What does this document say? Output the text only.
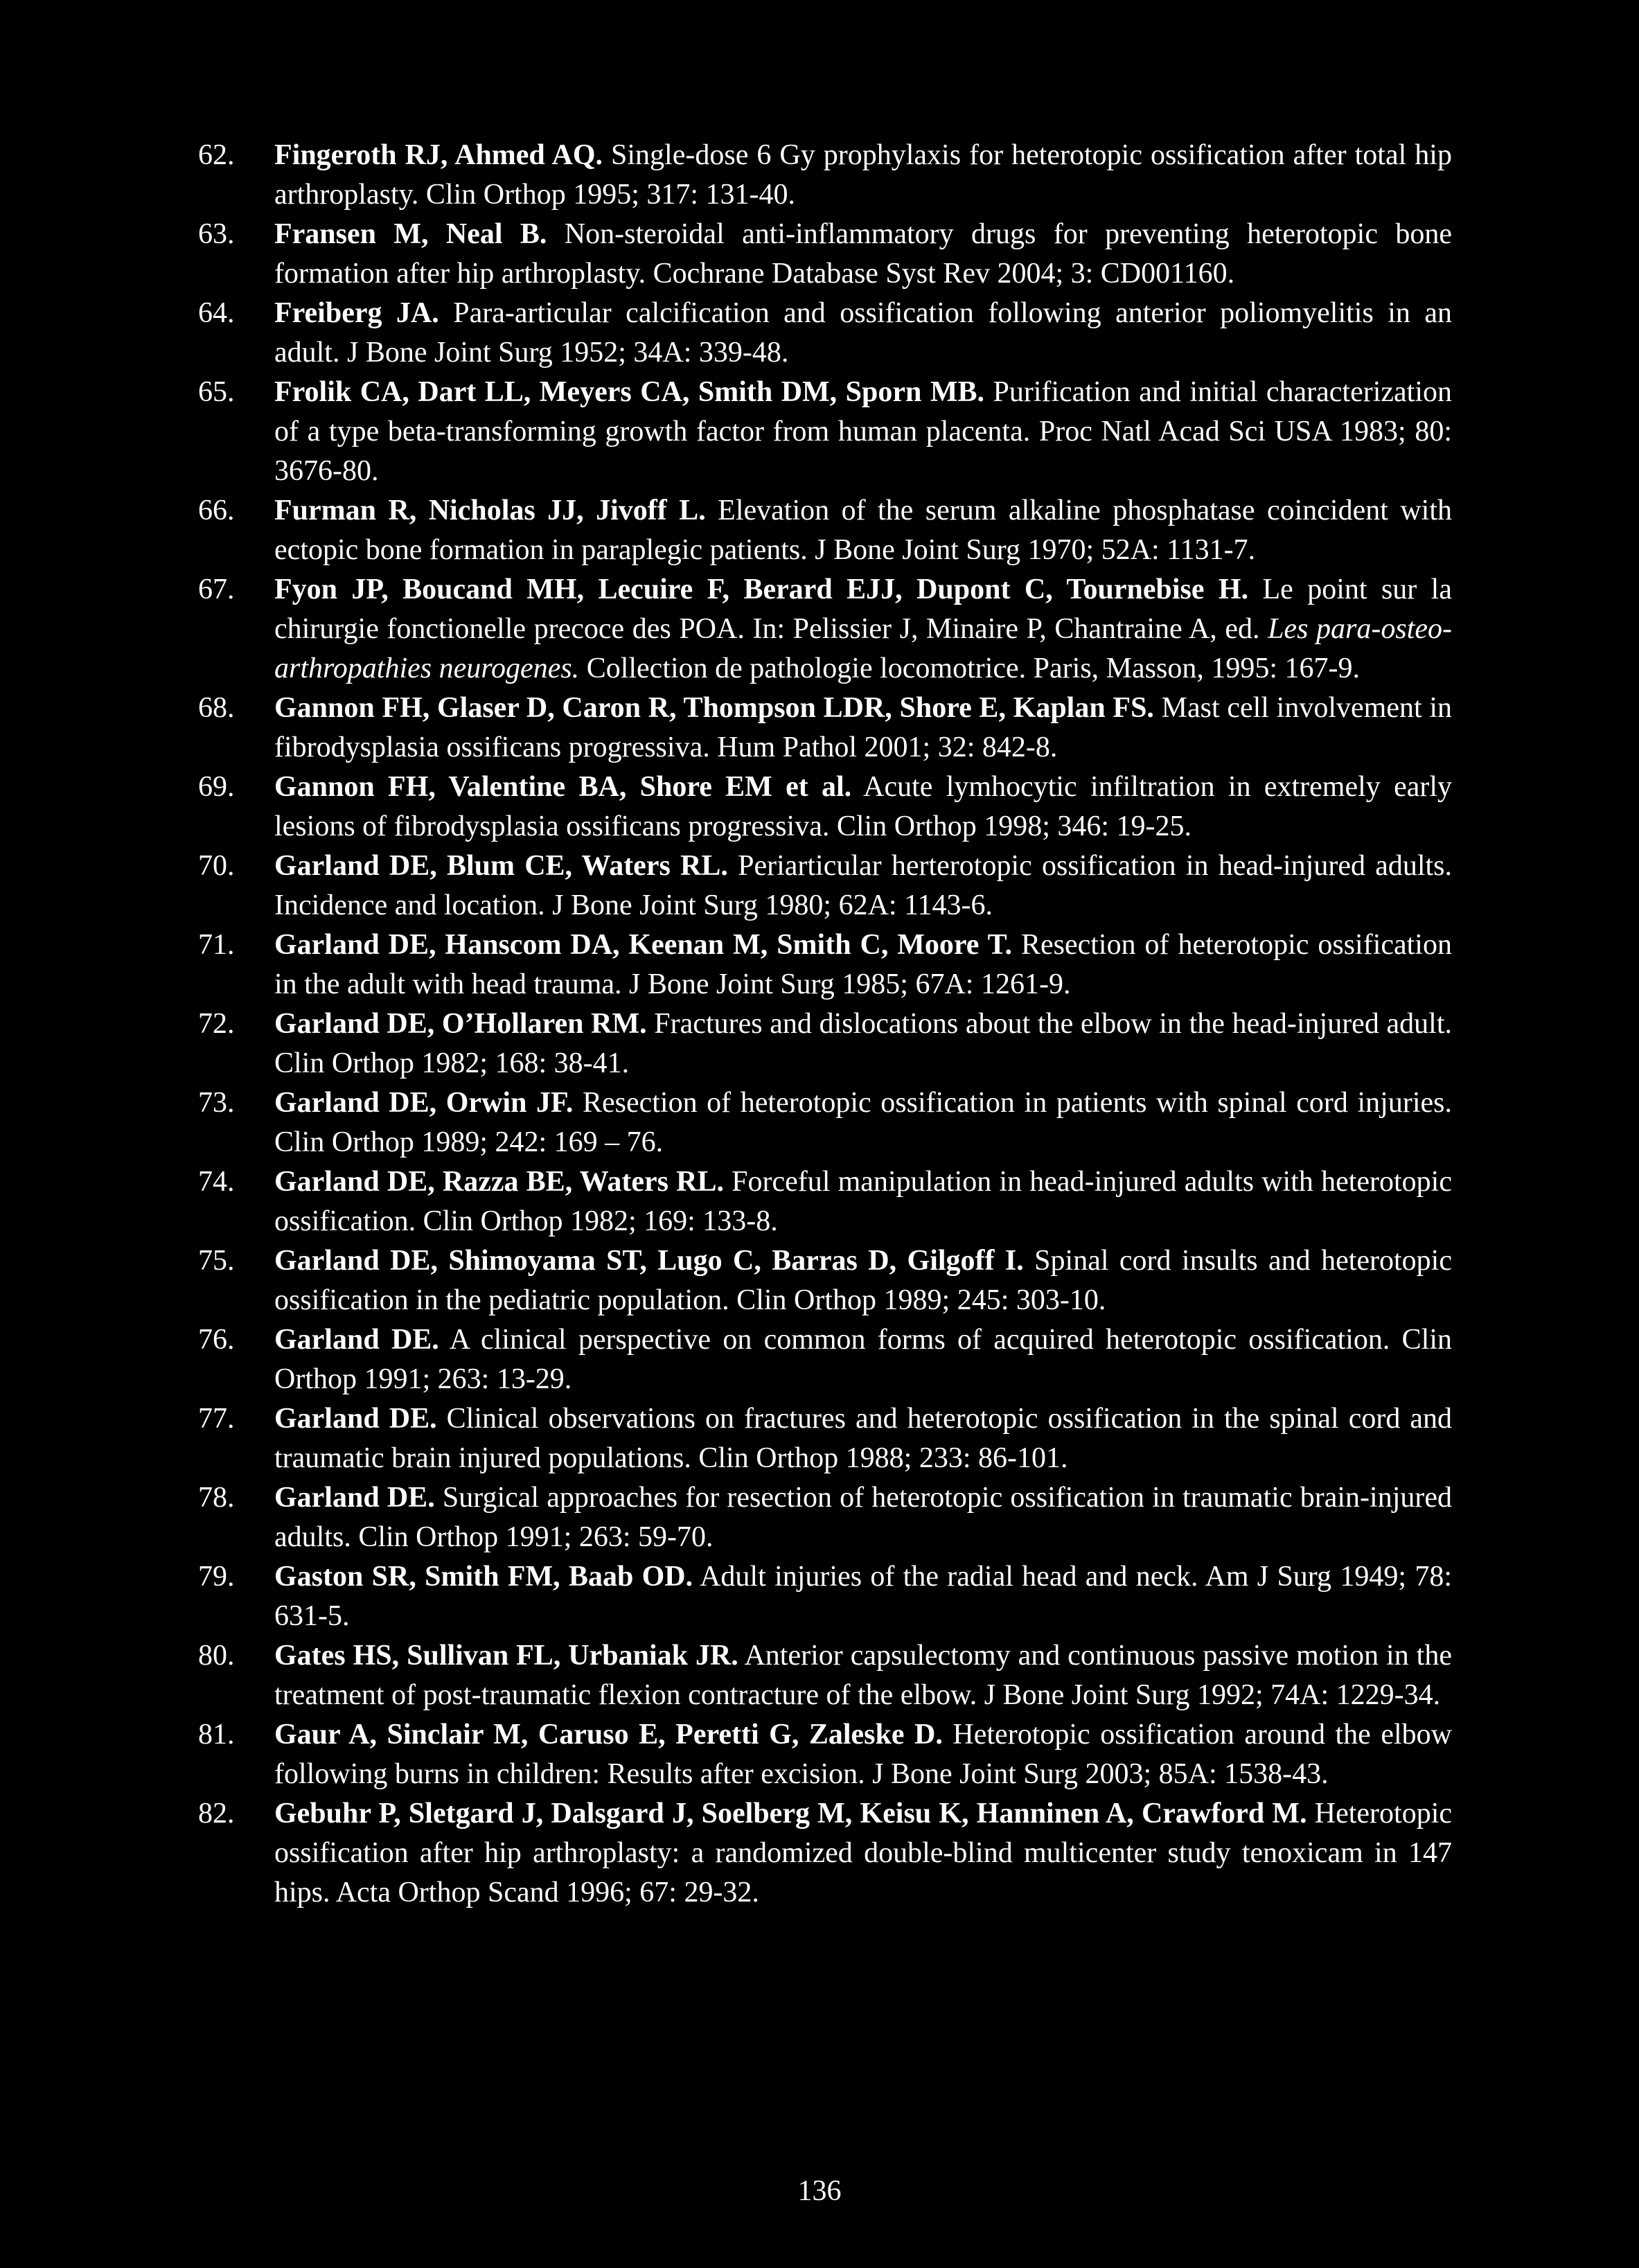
62. Fingeroth RJ, Ahmed AQ. Single-dose 6 Gy prophylaxis for heterotopic ossification after total hip arthroplasty. Clin Orthop 1995; 317: 131-40.
63. Fransen M, Neal B. Non-steroidal anti-inflammatory drugs for preventing heterotopic bone formation after hip arthroplasty. Cochrane Database Syst Rev 2004; 3: CD001160.
64. Freiberg JA. Para-articular calcification and ossification following anterior poliomyelitis in an adult. J Bone Joint Surg 1952; 34A: 339-48.
65. Frolik CA, Dart LL, Meyers CA, Smith DM, Sporn MB. Purification and initial characterization of a type beta-transforming growth factor from human placenta. Proc Natl Acad Sci USA 1983; 80: 3676-80.
66. Furman R, Nicholas JJ, Jivoff L. Elevation of the serum alkaline phosphatase coincident with ectopic bone formation in paraplegic patients. J Bone Joint Surg 1970; 52A: 1131-7.
67. Fyon JP, Boucand MH, Lecuire F, Berard EJJ, Dupont C, Tournebise H. Le point sur la chirurgie fonctionelle precoce des POA. In: Pelissier J, Minaire P, Chantraine A, ed. Les para-osteo-arthropathies neurogenes. Collection de pathologie locomotrice. Paris, Masson, 1995: 167-9.
68. Gannon FH, Glaser D, Caron R, Thompson LDR, Shore E, Kaplan FS. Mast cell involvement in fibrodysplasia ossificans progressiva. Hum Pathol 2001; 32: 842-8.
69. Gannon FH, Valentine BA, Shore EM et al. Acute lymhocytic infiltration in extremely early lesions of fibrodysplasia ossificans progressiva. Clin Orthop 1998; 346: 19-25.
70. Garland DE, Blum CE, Waters RL. Periarticular herterotopic ossification in head-injured adults. Incidence and location. J Bone Joint Surg 1980; 62A: 1143-6.
71. Garland DE, Hanscom DA, Keenan M, Smith C, Moore T. Resection of heterotopic ossification in the adult with head trauma. J Bone Joint Surg 1985; 67A: 1261-9.
72. Garland DE, O’Hollaren RM. Fractures and dislocations about the elbow in the head-injured adult. Clin Orthop 1982; 168: 38-41.
73. Garland DE, Orwin JF. Resection of heterotopic ossification in patients with spinal cord injuries. Clin Orthop 1989; 242: 169 – 76.
74. Garland DE, Razza BE, Waters RL. Forceful manipulation in head-injured adults with heterotopic ossification. Clin Orthop 1982; 169: 133-8.
75. Garland DE, Shimoyama ST, Lugo C, Barras D, Gilgoff I. Spinal cord insults and heterotopic ossification in the pediatric population. Clin Orthop 1989; 245: 303-10.
76. Garland DE. A clinical perspective on common forms of acquired heterotopic ossification. Clin Orthop 1991; 263: 13-29.
77. Garland DE. Clinical observations on fractures and heterotopic ossification in the spinal cord and traumatic brain injured populations. Clin Orthop 1988; 233: 86-101.
78. Garland DE. Surgical approaches for resection of heterotopic ossification in traumatic brain-injured adults. Clin Orthop 1991; 263: 59-70.
79. Gaston SR, Smith FM, Baab OD. Adult injuries of the radial head and neck. Am J Surg 1949; 78: 631-5.
80. Gates HS, Sullivan FL, Urbaniak JR. Anterior capsulectomy and continuous passive motion in the treatment of post-traumatic flexion contracture of the elbow. J Bone Joint Surg 1992; 74A: 1229-34.
81. Gaur A, Sinclair M, Caruso E, Peretti G, Zaleske D. Heterotopic ossification around the elbow following burns in children: Results after excision. J Bone Joint Surg 2003; 85A: 1538-43.
82. Gebuhr P, Sletgard J, Dalsgard J, Soelberg M, Keisu K, Hanninen A, Crawford M. Heterotopic ossification after hip arthroplasty: a randomized double-blind multicenter study tenoxicam in 147 hips. Acta Orthop Scand 1996; 67: 29-32.
136
